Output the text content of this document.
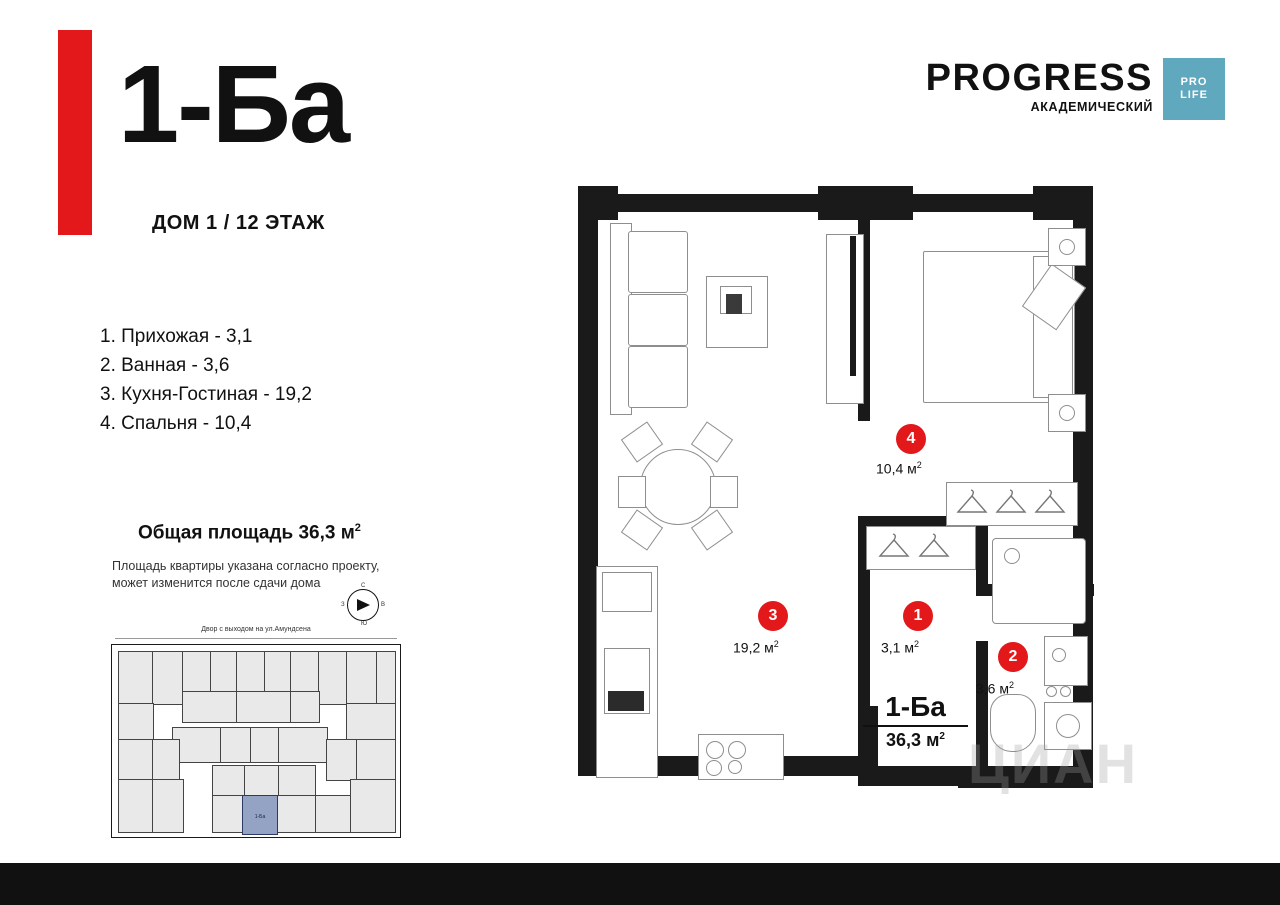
1-Ба
ДОМ 1 / 12 ЭТАЖ
1. Прихожая - 3,1
2. Ванная - 3,6
3. Кухня-Гостиная - 19,2
4. Спальня - 10,4
Общая площадь 36,3 $м^2$
Площадь квартиры указана согласно проекту,
может изменится после сдачи дома	С
Ю
З	В
Двор с выходом на ул.Амундсена
1-Ба
PROGRESS
АКАДЕМИЧЕСКИЙ
PRO
LIFE
4
10,4 $м^2$
3
19,2 $м^2$
1
3,1 $м^2$
2
3,6 $м^2$
1-Ба
36,3 $м^2$ ЦИАН
